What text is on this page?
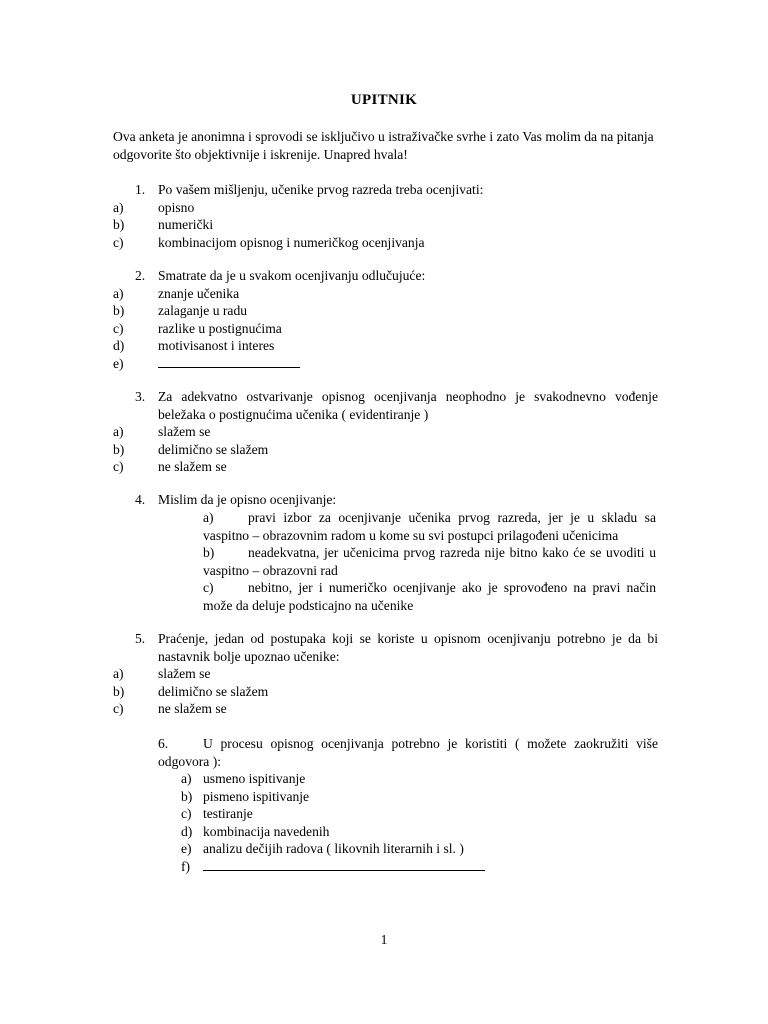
UPITNIK
Ova anketa je anonimna i sprovodi se isključivo u istraživačke svrhe i zato Vas molim da na pitanja odgovorite što objektivnije i iskrenije. Unapred hvala!
1. Po vašem mišljenju, učenike prvog razreda treba ocenjivati:
a)	opisno
b) numerički
c)	kombinacijom opisnog i numeričkog ocenjivanja
2. Smatrate da je u svakom ocenjivanju odlučujuće:
a)	znanje učenika
b) zalaganje u radu
c)	razlike u postignućima
d) motivisanost i interes
e)
3. Za adekvatno ostvarivanje opisnog ocenjivanja neophodno je svakodnevno vođenje beležaka o postignućima učenika ( evidentiranje )
a)	slažem se
b) delimično se slažem
c)	ne slažem se
4. Mislim da je opisno ocenjivanje:
a)	pravi izbor za ocenjivanje učenika prvog razreda, jer je u skladu sa vaspitno – obrazovnim radom u kome su svi postupci prilagođeni učenicima
b) neadekvatna, jer učenicima prvog razreda nije bitno kako će se uvoditi u vaspitno – obrazovni rad
c)	nebitno, jer i numeričko ocenjivanje ako je sprovođeno na pravi način može da deluje podsticajno na učenike
5. Praćenje, jedan od postupaka koji se koriste u opisnom ocenjivanju potrebno je da bi nastavnik bolje upoznao učenike:
a)	slažem se
b) delimično se slažem
c)	ne slažem se
6.	U procesu opisnog ocenjivanja potrebno je koristiti ( možete zaokružiti više odgovora ):
a) usmeno ispitivanje
b) pismeno ispitivanje
c) testiranje
d) kombinacija navedenih
e) analizu dečijih radova ( likovnih literarnih i sl. )
f)
1
